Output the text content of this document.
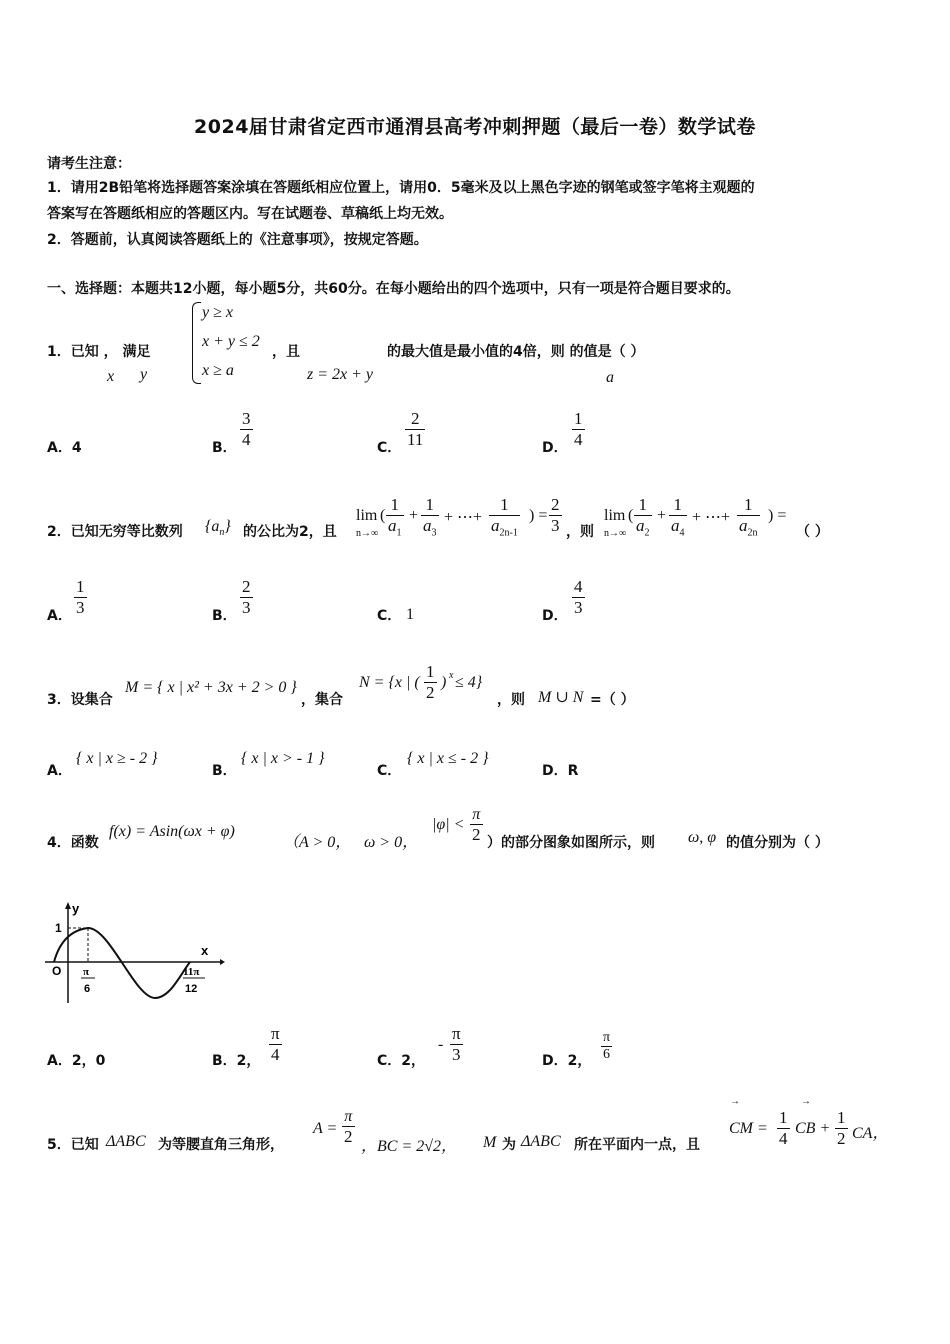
2024届甘肃省定西市通渭县高考冲刺押题（最后一卷）数学试卷
请考生注意：
1．请用2B铅笔将选择题答案涂填在答题纸相应位置上，请用0．5毫米及以上黑色字迹的钢笔或签字笔将主观题的
答案写在答题纸相应的答题区内。写在试题卷、草稿纸上均无效。
2．答题前，认真阅读答题纸上的《注意事项》，按规定答题。
一、选择题：本题共12小题，每小题5分，共60分。在每小题给出的四个选项中，只有一项是符合题目要求的。
1．已知 ， 满足
x y
y ≥ x
x + y ≤ 2
x ≥ a
，且
z = 2x + y
的最大值是最小值的4倍，则 的值是（ ）
a
A．4	B． $\frac{3}{4}$	C． $\frac{2}{11}$	D． $\frac{1}{4}$
2．已知无穷等比数列 $\{a_n\}$ 的公比为2，且
lim
n→∞
( $\frac{1}{a_1} + \frac{1}{a_3}$ + ⋯+ $\frac{1}{a_{2n-1}}$ ) = $\frac{2}{3}$ ，则
lim
n→∞
( $\frac{1}{a_2} + \frac{1}{a_4}$ + ⋯+ $\frac{1}{a_{2n}}$ ) =
（ ）
A． $\frac{1}{3}$	B． $\frac{2}{3}$	C． 1	D． $\frac{4}{3}$
3．设集合
M = { x | x² + 3x + 2 > 0 }
，集合
N = {x | ( $\frac{1}{2}$ ) x ≤ 4}
，则 M ∪ N =（ ）
A．
{ x | x ≥ - 2 }
B．
{ x | x > - 1 }
C．
{ x | x ≤ - 2 }
D．R
4．函数
f(x) = Asin(ωx + φ)
（A > 0， ω > 0，
$|\varphi| < \frac{\pi}{2}$ ）的部分图象如图所示，则 ω, φ 的值分别为（ ）
y
x
1
O π
6
11π
12
A．2，0	B．2， $\frac{\pi}{4}$	C．2，
- $\frac{\pi}{3}$	D．2， $\frac{\pi}{6}$
5．已知 ΔABC 为等腰直角三角形，
$A = \frac{\pi}{2}$ ，BC = 2√2， M 为 ΔABC 所在平面内一点，且
→
CM = $\frac{1}{4}$
→
CB + $\frac{1}{2}$ CA，
